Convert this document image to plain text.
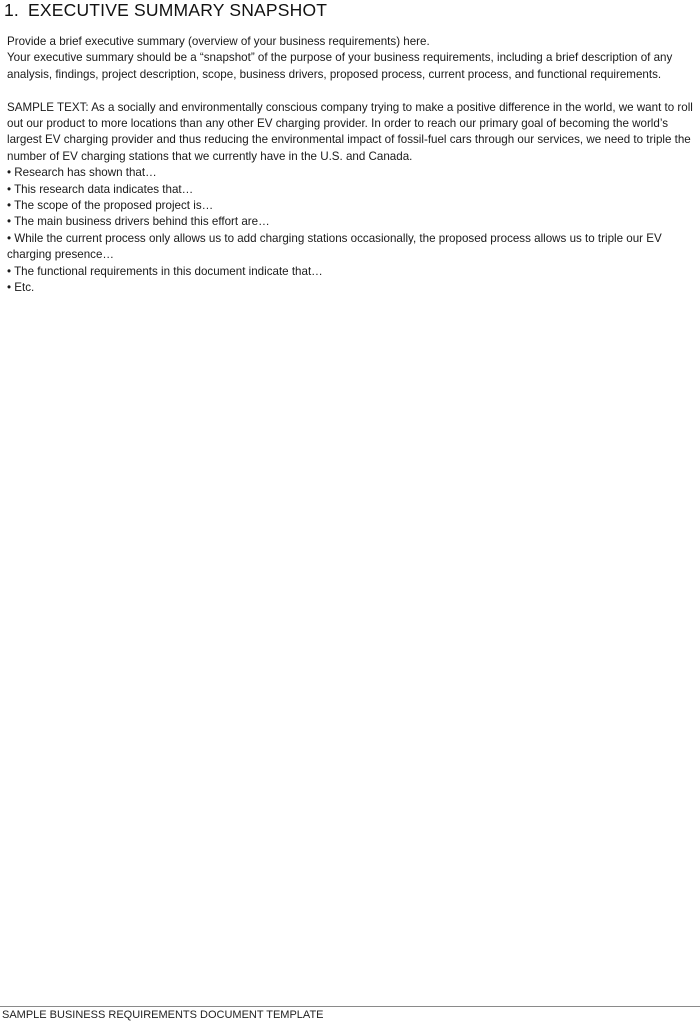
1. EXECUTIVE SUMMARY SNAPSHOT

Provide a brief executive summary (overview of your business requirements) here.

Your executive summary should be a “snapshot” of the purpose of your business requirements, including a brief description of any analysis, findings, project description, scope, business drivers, proposed process, current process, and functional requirements.

SAMPLE TEXT: As a socially and environmentally conscious company trying to make a positive difference in the world, we want to roll out our product to more locations than any other EV charging provider. In order to reach our primary goal of becoming the world’s largest EV charging provider and thus reducing the environmental impact of fossil-fuel cars through our services, we need to triple the number of EV charging stations that we currently have in the U.S. and Canada.

• Research has shown that…

• This research data indicates that…

• The scope of the proposed project is…

• The main business drivers behind this effort are…

• While the current process only allows us to add charging stations occasionally, the proposed process allows us to triple our EV charging presence…

• The functional requirements in this document indicate that…

• Etc.

SAMPLE BUSINESS REQUIREMENTS DOCUMENT TEMPLATE
